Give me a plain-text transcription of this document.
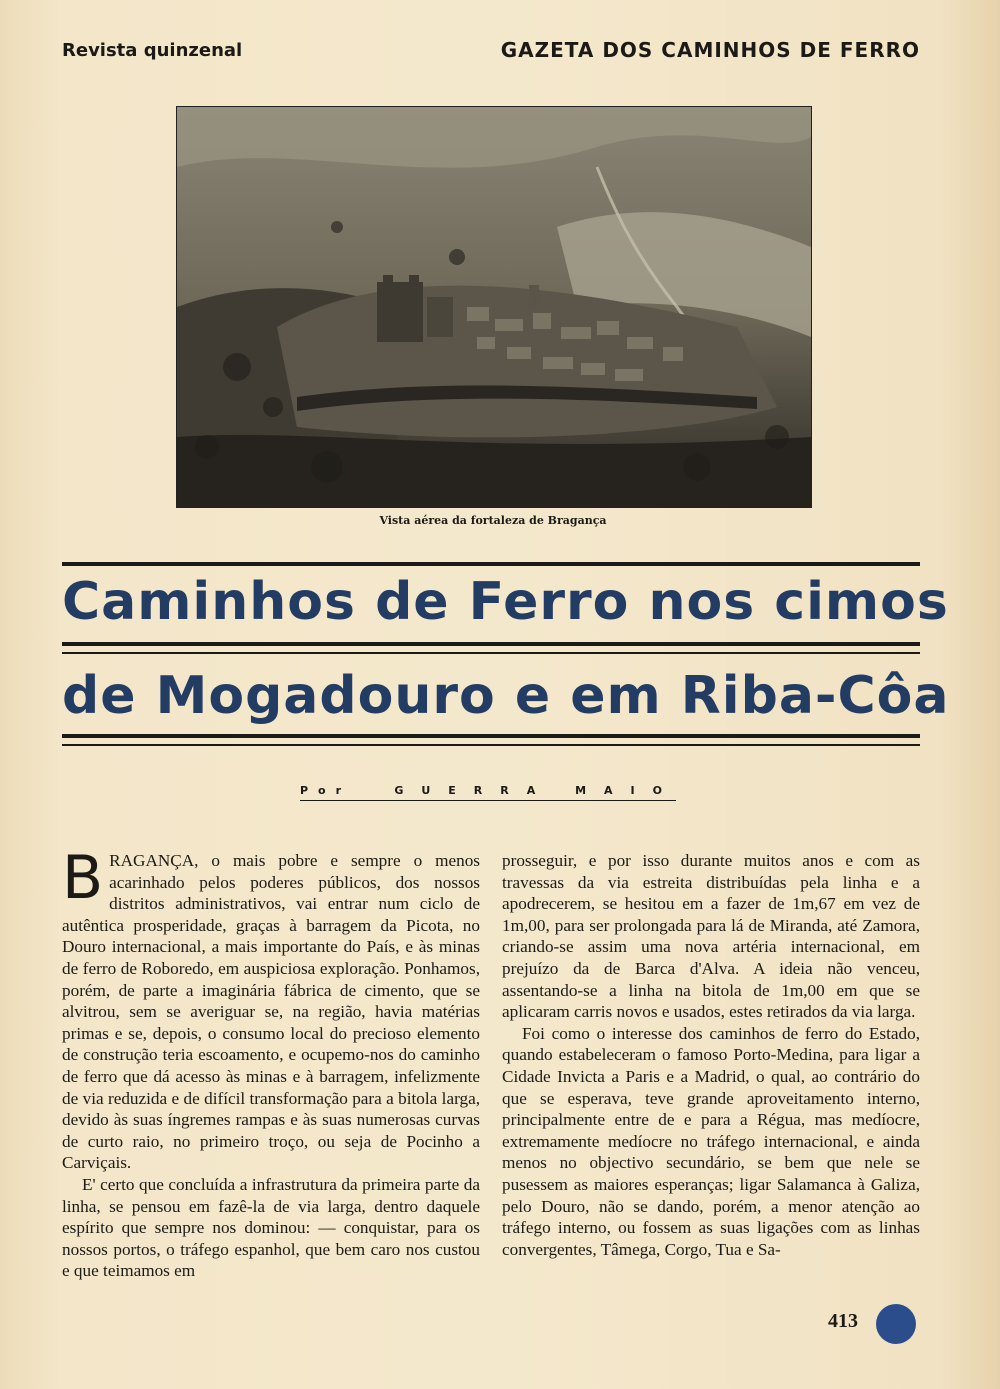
Revista quinzenal	GAZETA DOS CAMINHOS DE FERRO
Vista aérea da fortaleza de Bragança
Caminhos de Ferro nos cimos
de Mogadouro e em Riba-Côa
Por	GUERRA MAIO

BRAGANÇA, o mais pobre e sempre o menos acarinhado pelos poderes públicos, dos nossos distritos administrativos, vai entrar num ciclo de autêntica prosperidade, graças à barragem da Picota, no Douro internacional, a mais importante do País, e às minas de ferro de Roboredo, em auspiciosa exploração. Ponhamos, porém, de parte a imaginária fábrica de cimento, que se alvitrou, sem se averiguar se, na região, havia matérias primas e se, depois, o consumo local do precioso elemento de construção teria escoamento, e ocupemo-nos do caminho de ferro que dá acesso às minas e à barragem, infelizmente de via reduzida e de difícil transformação para a bitola larga, devido às suas íngremes rampas e às suas numerosas curvas de curto raio, no primeiro troço, ou seja de Pocinho a Carviçais.

E' certo que concluída a infrastrutura da primeira parte da linha, se pensou em fazê-la de via larga, dentro daquele espírito que sempre nos dominou: — conquistar, para os nossos portos, o tráfego espanhol, que bem caro nos custou e que teimamos em

prosseguir, e por isso durante muitos anos e com as travessas da via estreita distribuídas pela linha e a apodrecerem, se hesitou em a fazer de 1m,67 em vez de 1m,00, para ser prolongada para lá de Miranda, até Zamora, criando-se assim uma nova artéria internacional, em prejuízo da de Barca d'Alva. A ideia não venceu, assentando-se a linha na bitola de 1m,00 em que se aplicaram carris novos e usados, estes retirados da via larga.

Foi como o interesse dos caminhos de ferro do Estado, quando estabeleceram o famoso Porto-Medina, para ligar a Cidade Invicta a Paris e a Madrid, o qual, ao contrário do que se esperava, teve grande aproveitamento interno, principalmente entre de e para a Régua, mas medíocre, extremamente medíocre no tráfego internacional, e ainda menos no objectivo secundário, se bem que nele se pusessem as maiores esperanças; ligar Salamanca à Galiza, pelo Douro, não se dando, porém, a menor atenção ao tráfego interno, ou fossem as suas ligações com as linhas convergentes, Tâmega, Corgo, Tua e Sa-

413
